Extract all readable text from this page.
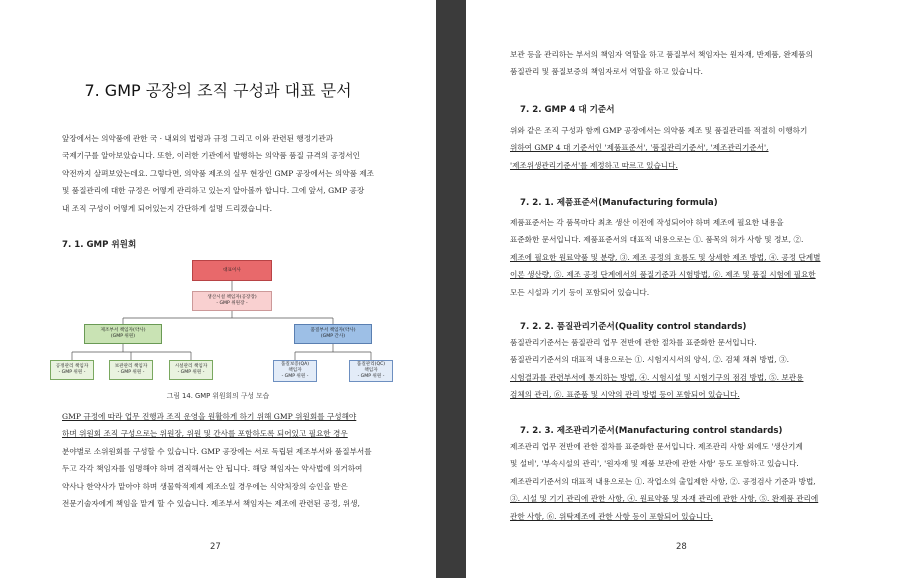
7. GMP 공장의 조직 구성과 대표 문서
앞장에서는 의약품에 관한 국 · 내외의 법령과 규정 그리고 이와 관련된 행정기관과
국제기구를 알아보았습니다. 또한, 이러한 기관에서 발행하는 의약품 품질 규격의 공정서인
약전까지 살펴보았는데요. 그렇다면, 의약품 제조의 실무 현장인 GMP 공장에서는 의약품 제조
및 품질관리에 대한 규정은 어떻게 관리하고 있는지 알아볼까 합니다. 그에 앞서, GMP 공장
내 조직 구성이 어떻게 되어있는지 간단하게 설명 드리겠습니다.
7. 1. GMP 위원회
대표이사
생산시설 책임자(공장장)
- GMP 위원장 -
제조부서 책임자(약사)
(GMP 위원)
품질부서 책임자(약사)
(GMP 간사)
공정관리 책임자
- GMP 위원 -
보관관리 책임자
- GMP 위원 -
시설관리 책임자
- GMP 위원 -
품질보증(QA)
책임자
- GMP 위원 -
품질관리(QC)
책임자
- GMP 위원 -
그림 14. GMP 위원회의 구성 모습
GMP 규정에 따라 업무 진행과 조직 운영을 원활하게 하기 위해 GMP 위원회를 구성해야
하며 위원회 조직 구성으로는 위원장, 위원 및 간사를 포함하도록 되어있고 필요한 경우
분야별로 소위원회를 구성할 수 있습니다. GMP 공장에는 서로 독립된 제조부서와 품질부서를
두고 각각 책임자를 임명해야 하며 겸직해서는 안 됩니다. 해당 책임자는 약사법에 의거하여
약사나 한약사가 맡아야 하며 생물학적제제 제조소일 경우에는 식약처장의 승인을 받은
전문기술자에게 책임을 맡게 할 수 있습니다. 제조부서 책임자는 제조에 관련된 공정, 위생,
27
보관 등을 관리하는 부서의 책임자 역할을 하고 품질부서 책임자는 원자재, 반제품, 완제품의
품질관리 및 품질보증의 책임자로서 역할을 하고 있습니다.
7. 2. GMP 4 대 기준서
위와 같은 조직 구성과 함께 GMP 공장에서는 의약품 제조 및 품질관리를 적절히 이행하기
위하여 GMP 4 대 기준서인 '제품표준서', '품질관리기준서', '제조관리기준서',
'제조위생관리기준서'를 제정하고 따르고 있습니다.
7. 2. 1. 제품표준서(Manufacturing formula)
제품표준서는 각 품목마다 최초 생산 이전에 작성되어야 하며 제조에 필요한 내용을
표준화한 문서입니다. 제품표준서의 대표적 내용으로는 ①. 품목의 허가 사항 및 정보, ②.
제조에 필요한 원료약품 및 분량, ③. 제조 공정의 흐름도 및 상세한 제조 방법, ④. 공정 단계별
이론 생산량, ⑤. 제조 공정 단계에서의 품질기준과 시험방법, ⑥. 제조 및 품질 시험에 필요한
모든 시설과 기기 등이 포함되어 있습니다.
7. 2. 2. 품질관리기준서(Quality control standards)
품질관리기준서는 품질관리 업무 전반에 관한 절차를 표준화한 문서입니다.
품질관리기준서의 대표적 내용으로는 ①. 시험지시서의 양식, ②. 검체 채취 방법, ③.
시험결과를 관련부서에 통지하는 방법, ④. 시험시설 및 시험기구의 점검 방법, ⑤. 보관용
검체의 관리, ⑥. 표준품 및 시약의 관리 방법 등이 포함되어 있습니다.
7. 2. 3. 제조관리기준서(Manufacturing control standards)
제조관리 업무 전반에 관한 절차를 표준화한 문서입니다. 제조관리 사항 외에도 '생산기계
및 설비', '부속시설의 관리', '원자재 및 제품 보관에 관한 사항' 등도 포함하고 있습니다.
제조관리기준서의 대표적 내용으로는 ①. 작업소의 출입제한 사항, ②. 공정검사 기준과 방법,
③. 시설 및 기기 관리에 관한 사항, ④. 원료약품 및 자재 관리에 관한 사항, ⑤. 완제품 관리에
관한 사항, ⑥. 위탁제조에 관한 사항 등이 포함되어 있습니다.
28
